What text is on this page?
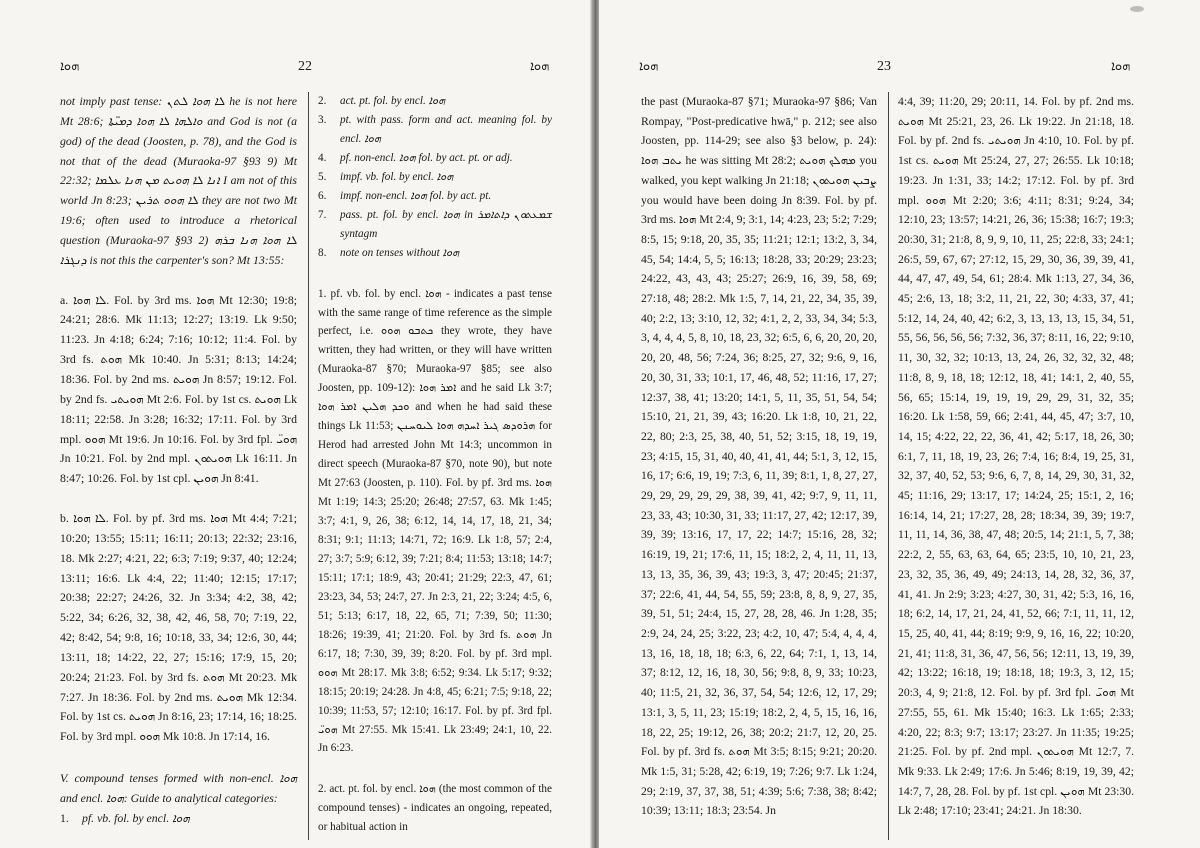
ܗܘܐ	22	ܗܘܐ

not imply past tense: ܠܐ ܗܘܐ ܠܬܢ he is not here Mt 28:6; ܘܐܠܗܐ ܠܐ ܗܘܐ ܕܡܝ̈ܬܐ and God is not (a god) of the dead (Joosten, p. 78), and the God is not that of the dead (Muraoka-97 §93 9) Mt 22:32; ܐܢܐ ܠܐ ܗܘܝܬ ܡܢ ܗܢܐ ܥܠܡܐ I am not of this world Jn 8:23; ܠܐ ܗܘܘ ܬܪܝܢ they are not two Mt 19:6; often used to introduce a rhetorical question (Muraoka-97 §93 2) ܠܐ ܗܘܐ ܗܢܐ ܒܪܗ ܕܢܓܪܐ is not this the carpenter's son? Mt 13:55:

a. ܠܐ ܗܘܐ. Fol. by 3rd ms. ܗܘܐ Mt 12:30; 19:8; 24:21; 28:6. Mk 11:13; 12:27; 13:19. Lk 9:50; 11:23. Jn 4:18; 6:24; 7:16; 10:12; 11:4. Fol. by 3rd fs. ܗܘܬ Mk 10:40. Jn 5:31; 8:13; 14:24; 18:36. Fol. by 2nd ms. ܗܘܝܬ Jn 8:57; 19:12. Fol. by 2nd fs. ܗܘܝܬܝ Mt 2:6. Fol. by 1st cs. ܗܘܝܬ Lk 18:11; 22:58. Jn 3:28; 16:32; 17:11. Fol. by 3rd mpl. ܗܘܘ Mt 19:6. Jn 10:16. Fol. by 3rd fpl. ܗܘܝ̈ Jn 10:21. Fol. by 2nd mpl. ܗܘܝܬܘܢ Lk 16:11. Jn 8:47; 10:26. Fol. by 1st cpl. ܗܘܝܢ Jn 8:41.

b. ܠܐ ܗܘܐ. Fol. by pf. 3rd ms. ܗܘܐ Mt 4:4; 7:21; 10:20; 13:55; 15:11; 16:11; 20:13; 22:32; 23:16, 18. Mk 2:27; 4:21, 22; 6:3; 7:19; 9:37, 40; 12:24; 13:11; 16:6. Lk 4:4, 22; 11:40; 12:15; 17:17; 20:38; 22:27; 24:26, 32. Jn 3:34; 4:2, 38, 42; 5:22, 34; 6:26, 32, 38, 42, 46, 58, 70; 7:19, 22, 42; 8:42, 54; 9:8, 16; 10:18, 33, 34; 12:6, 30, 44; 13:11, 18; 14:22, 22, 27; 15:16; 17:9, 15, 20; 20:24; 21:23. Fol. by 3rd fs. ܗܘܬ Mt 20:23. Mk 7:27. Jn 18:36. Fol. by 2nd ms. ܗܘܝܬ Mk 12:34. Fol. by 1st cs. ܗܘܝܬ Jn 8:16, 23; 17:14, 16; 18:25. Fol. by 3rd mpl. ܗܘܘ Mk 10:8. Jn 17:14, 16.

V. compound tenses formed with non-encl. ܗܘܐ and encl. ܗܘܐ: Guide to analytical categories:

1.	pf. vb. fol. by encl. ܗܘܐ
2.	act. pt. fol. by encl. ܗܘܐ
3.	pt. with pass. form and act. meaning fol. by encl. ܗܘܐ
4.	pf. non-encl. ܗܘܐ fol. by act. pt. or adj.
5.	impf. vb. fol. by encl. ܗܘܐ
6.	impf. non-encl. ܗܘܐ fol. by act. pt.
7.	pass. pt. fol. by encl. ܗܘܐ in ܫܡܥܬܘܢ ܕܐܬܐܡܪ syntagm
8.	note on tenses without ܗܘܐ

1. pf. vb. fol. by encl. ܗܘܐ - indicates a past tense with the same range of time reference as the simple perfect, i.e. ܟܬܒܘ ܗܘܘ they wrote, they have written, they had written, or they will have written (Muraoka-87 §70; Muraoka-97 §85; see also Joosten, pp. 109-12): ܐܡܪ ܗܘܐ and he said Lk 3:7; ܘܟܕ ܗܠܝܢ ܐܡܪ ܗܘܐ and when he had said these things Lk 11:53; ܗܪܘܕܣ ܓܝܪ ܐܚܕܗ ܗܘܐ ܠܝܘܚܢܢ for Herod had arrested John Mt 14:3; uncommon in direct speech (Muraoka-87 §70, note 90), but note Mt 27:63 (Joosten, p. 110). Fol. by pf. 3rd ms. ܗܘܐ Mt 1:19; 14:3; 25:20; 26:48; 27:57, 63. Mk 1:45; 3:7; 4:1, 9, 26, 38; 6:12, 14, 14, 17, 18, 21, 34; 8:31; 9:1; 11:13; 14:71, 72; 16:9. Lk 1:8, 57; 2:4, 27; 3:7; 5:9; 6:12, 39; 7:21; 8:4; 11:53; 13:18; 14:7; 15:11; 17:1; 18:9, 43; 20:41; 21:29; 22:3, 47, 61; 23:23, 34, 53; 24:7, 27. Jn 2:3, 21, 22; 3:24; 4:5, 6, 51; 5:13; 6:17, 18, 22, 65, 71; 7:39, 50; 11:30; 18:26; 19:39, 41; 21:20. Fol. by 3rd fs. ܗܘܬ Jn 6:17, 18; 7:30, 39, 39; 8:20. Fol. by pf. 3rd mpl. ܗܘܘ Mt 28:17. Mk 3:8; 6:52; 9:34. Lk 5:17; 9:32; 18:15; 20:19; 24:28. Jn 4:8, 45; 6:21; 7:5; 9:18, 22; 10:39; 11:53, 57; 12:10; 16:17. Fol. by pf. 3rd fpl. ܗܘܝ̈ Mt 27:55. Mk 15:41. Lk 23:49; 24:1, 10, 22. Jn 6:23.

2. act. pt. fol. by encl. ܗܘܐ (the most common of the compound tenses) - indicates an ongoing, repeated, or habitual action in

ܗܘܐ	23	ܗܘܐ

the past (Muraoka-87 §71; Muraoka-97 §86; Van Rompay, "Post-predicative hwā," p. 212; see also Joosten, pp. 114-29; see also §3 below, p. 24): ܝܬܒ ܗܘܐ he was sitting Mt 28:2; ܡܗܠܟ ܗܘܝܬ you walked, you kept walking Jn 21:18; ܨܒܝܢ ܗܘܝܬܘܢ you would have been doing Jn 8:39. Fol. by pf. 3rd ms. ܗܘܐ Mt 2:4, 9; 3:1, 14; 4:23, 23; 5:2; 7:29; 8:5, 15; 9:18, 20, 35, 35; 11:21; 12:1; 13:2, 3, 34, 45, 54; 14:4, 5, 5; 16:13; 18:28, 33; 20:29; 23:23; 24:22, 43, 43, 43; 25:27; 26:9, 16, 39, 58, 69; 27:18, 48; 28:2. Mk 1:5, 7, 14, 21, 22, 34, 35, 39, 40; 2:2, 13; 3:10, 12, 32; 4:1, 2, 2, 33, 34, 34; 5:3, 3, 4, 4, 4, 5, 8, 10, 18, 23, 32; 6:5, 6, 6, 20, 20, 20, 20, 20, 48, 56; 7:24, 36; 8:25, 27, 32; 9:6, 9, 16, 20, 30, 31, 33; 10:1, 17, 46, 48, 52; 11:16, 17, 27; 12:37, 38, 41; 13:20; 14:1, 5, 11, 35, 51, 54, 54; 15:10, 21, 21, 39, 43; 16:20. Lk 1:8, 10, 21, 22, 22, 80; 2:3, 25, 38, 40, 51, 52; 3:15, 18, 19, 19, 23; 4:15, 15, 31, 40, 40, 41, 41, 44; 5:1, 3, 12, 15, 16, 17; 6:6, 19, 19; 7:3, 6, 11, 39; 8:1, 1, 8, 27, 27, 29, 29, 29, 29, 29, 38, 39, 41, 42; 9:7, 9, 11, 11, 23, 33, 43; 10:30, 31, 33; 11:17, 27, 42; 12:17, 39, 39, 39; 13:16, 17, 17, 22; 14:7; 15:16, 28, 32; 16:19, 19, 21; 17:6, 11, 15; 18:2, 2, 4, 11, 11, 13, 13, 13, 35, 36, 39, 43; 19:3, 3, 47; 20:45; 21:37, 37; 22:6, 41, 44, 54, 55, 59; 23:8, 8, 8, 9, 27, 35, 39, 51, 51; 24:4, 15, 27, 28, 28, 46. Jn 1:28, 35; 2:9, 24, 24, 25; 3:22, 23; 4:2, 10, 47; 5:4, 4, 4, 4, 13, 16, 18, 18, 18; 6:3, 6, 22, 64; 7:1, 1, 13, 14, 37; 8:12, 12, 16, 18, 30, 56; 9:8, 8, 9, 33; 10:23, 40; 11:5, 21, 32, 36, 37, 54, 54; 12:6, 12, 17, 29; 13:1, 3, 5, 11, 23; 15:19; 18:2, 2, 4, 5, 15, 16, 16, 18, 22, 25; 19:12, 26, 38; 20:2; 21:7, 12, 20, 25. Fol. by pf. 3rd fs. ܗܘܬ Mt 3:5; 8:15; 9:21; 20:20. Mk 1:5, 31; 5:28, 42; 6:19, 19; 7:26; 9:7. Lk 1:24, 29; 2:19, 37, 37, 38, 51; 4:39; 5:6; 7:38, 38; 8:42; 10:39; 13:11; 18:3; 23:54. Jn

4:4, 39; 11:20, 29; 20:11, 14. Fol. by pf. 2nd ms. ܗܘܝܬ Mt 25:21, 23, 26. Lk 19:22. Jn 21:18, 18. Fol. by pf. 2nd fs. ܗܘܝܬܝ Jn 4:10, 10. Fol. by pf. 1st cs. ܗܘܝܬ Mt 25:24, 27, 27; 26:55. Lk 10:18; 19:23. Jn 1:31, 33; 14:2; 17:12. Fol. by pf. 3rd mpl. ܗܘܘ Mt 2:20; 3:6; 4:11; 8:31; 9:24, 34; 12:10, 23; 13:57; 14:21, 26, 36; 15:38; 16:7; 19:3; 20:30, 31; 21:8, 8, 9, 9, 10, 11, 25; 22:8, 33; 24:1; 26:5, 59, 67, 67; 27:12, 15, 29, 30, 36, 39, 39, 41, 44, 47, 47, 49, 54, 61; 28:4. Mk 1:13, 27, 34, 36, 45; 2:6, 13, 18; 3:2, 11, 21, 22, 30; 4:33, 37, 41; 5:12, 14, 24, 40, 42; 6:2, 3, 13, 13, 13, 15, 34, 51, 55, 56, 56, 56, 56; 7:32, 36, 37; 8:11, 16, 22; 9:10, 11, 30, 32, 32; 10:13, 13, 24, 26, 32, 32, 32, 48; 11:8, 8, 9, 18, 18; 12:12, 18, 41; 14:1, 2, 40, 55, 56, 65; 15:14, 19, 19, 19, 29, 29, 31, 32, 35; 16:20. Lk 1:58, 59, 66; 2:41, 44, 45, 47; 3:7, 10, 14, 15; 4:22, 22, 22, 36, 41, 42; 5:17, 18, 26, 30; 6:1, 7, 11, 18, 19, 23, 26; 7:4, 16; 8:4, 19, 25, 31, 32, 37, 40, 52, 53; 9:6, 6, 7, 8, 14, 29, 30, 31, 32, 45; 11:16, 29; 13:17, 17; 14:24, 25; 15:1, 2, 16; 16:14, 14, 21; 17:27, 28, 28; 18:34, 39, 39; 19:7, 11, 11, 14, 36, 38, 47, 48; 20:5, 14; 21:1, 5, 7, 38; 22:2, 2, 55, 63, 63, 64, 65; 23:5, 10, 10, 21, 23, 23, 32, 35, 36, 49, 49; 24:13, 14, 28, 32, 36, 37, 41, 41. Jn 2:9; 3:23; 4:27, 30, 31, 42; 5:3, 16, 16, 18; 6:2, 14, 17, 21, 24, 41, 52, 66; 7:1, 11, 11, 12, 15, 25, 40, 41, 44; 8:19; 9:9, 9, 16, 16, 22; 10:20, 21, 41; 11:8, 31, 36, 47, 56, 56; 12:11, 13, 19, 39, 42; 13:22; 16:18, 19; 18:18, 18; 19:3, 3, 12, 15; 20:3, 4, 9; 21:8, 12. Fol. by pf. 3rd fpl. ܗܘܝ̈ Mt 27:55, 55, 61. Mk 15:40; 16:3. Lk 1:65; 2:33; 4:20, 22; 8:3; 9:7; 13:17; 23:27. Jn 11:35; 19:25; 21:25. Fol. by pf. 2nd mpl. ܗܘܝܬܘܢ Mt 12:7, 7. Mk 9:33. Lk 2:49; 17:6. Jn 5:46; 8:19, 19, 39, 42; 14:7, 7, 28, 28. Fol. by pf. 1st cpl. ܗܘܝܢ Mt 23:30. Lk 2:48; 17:10; 23:41; 24:21. Jn 18:30.
